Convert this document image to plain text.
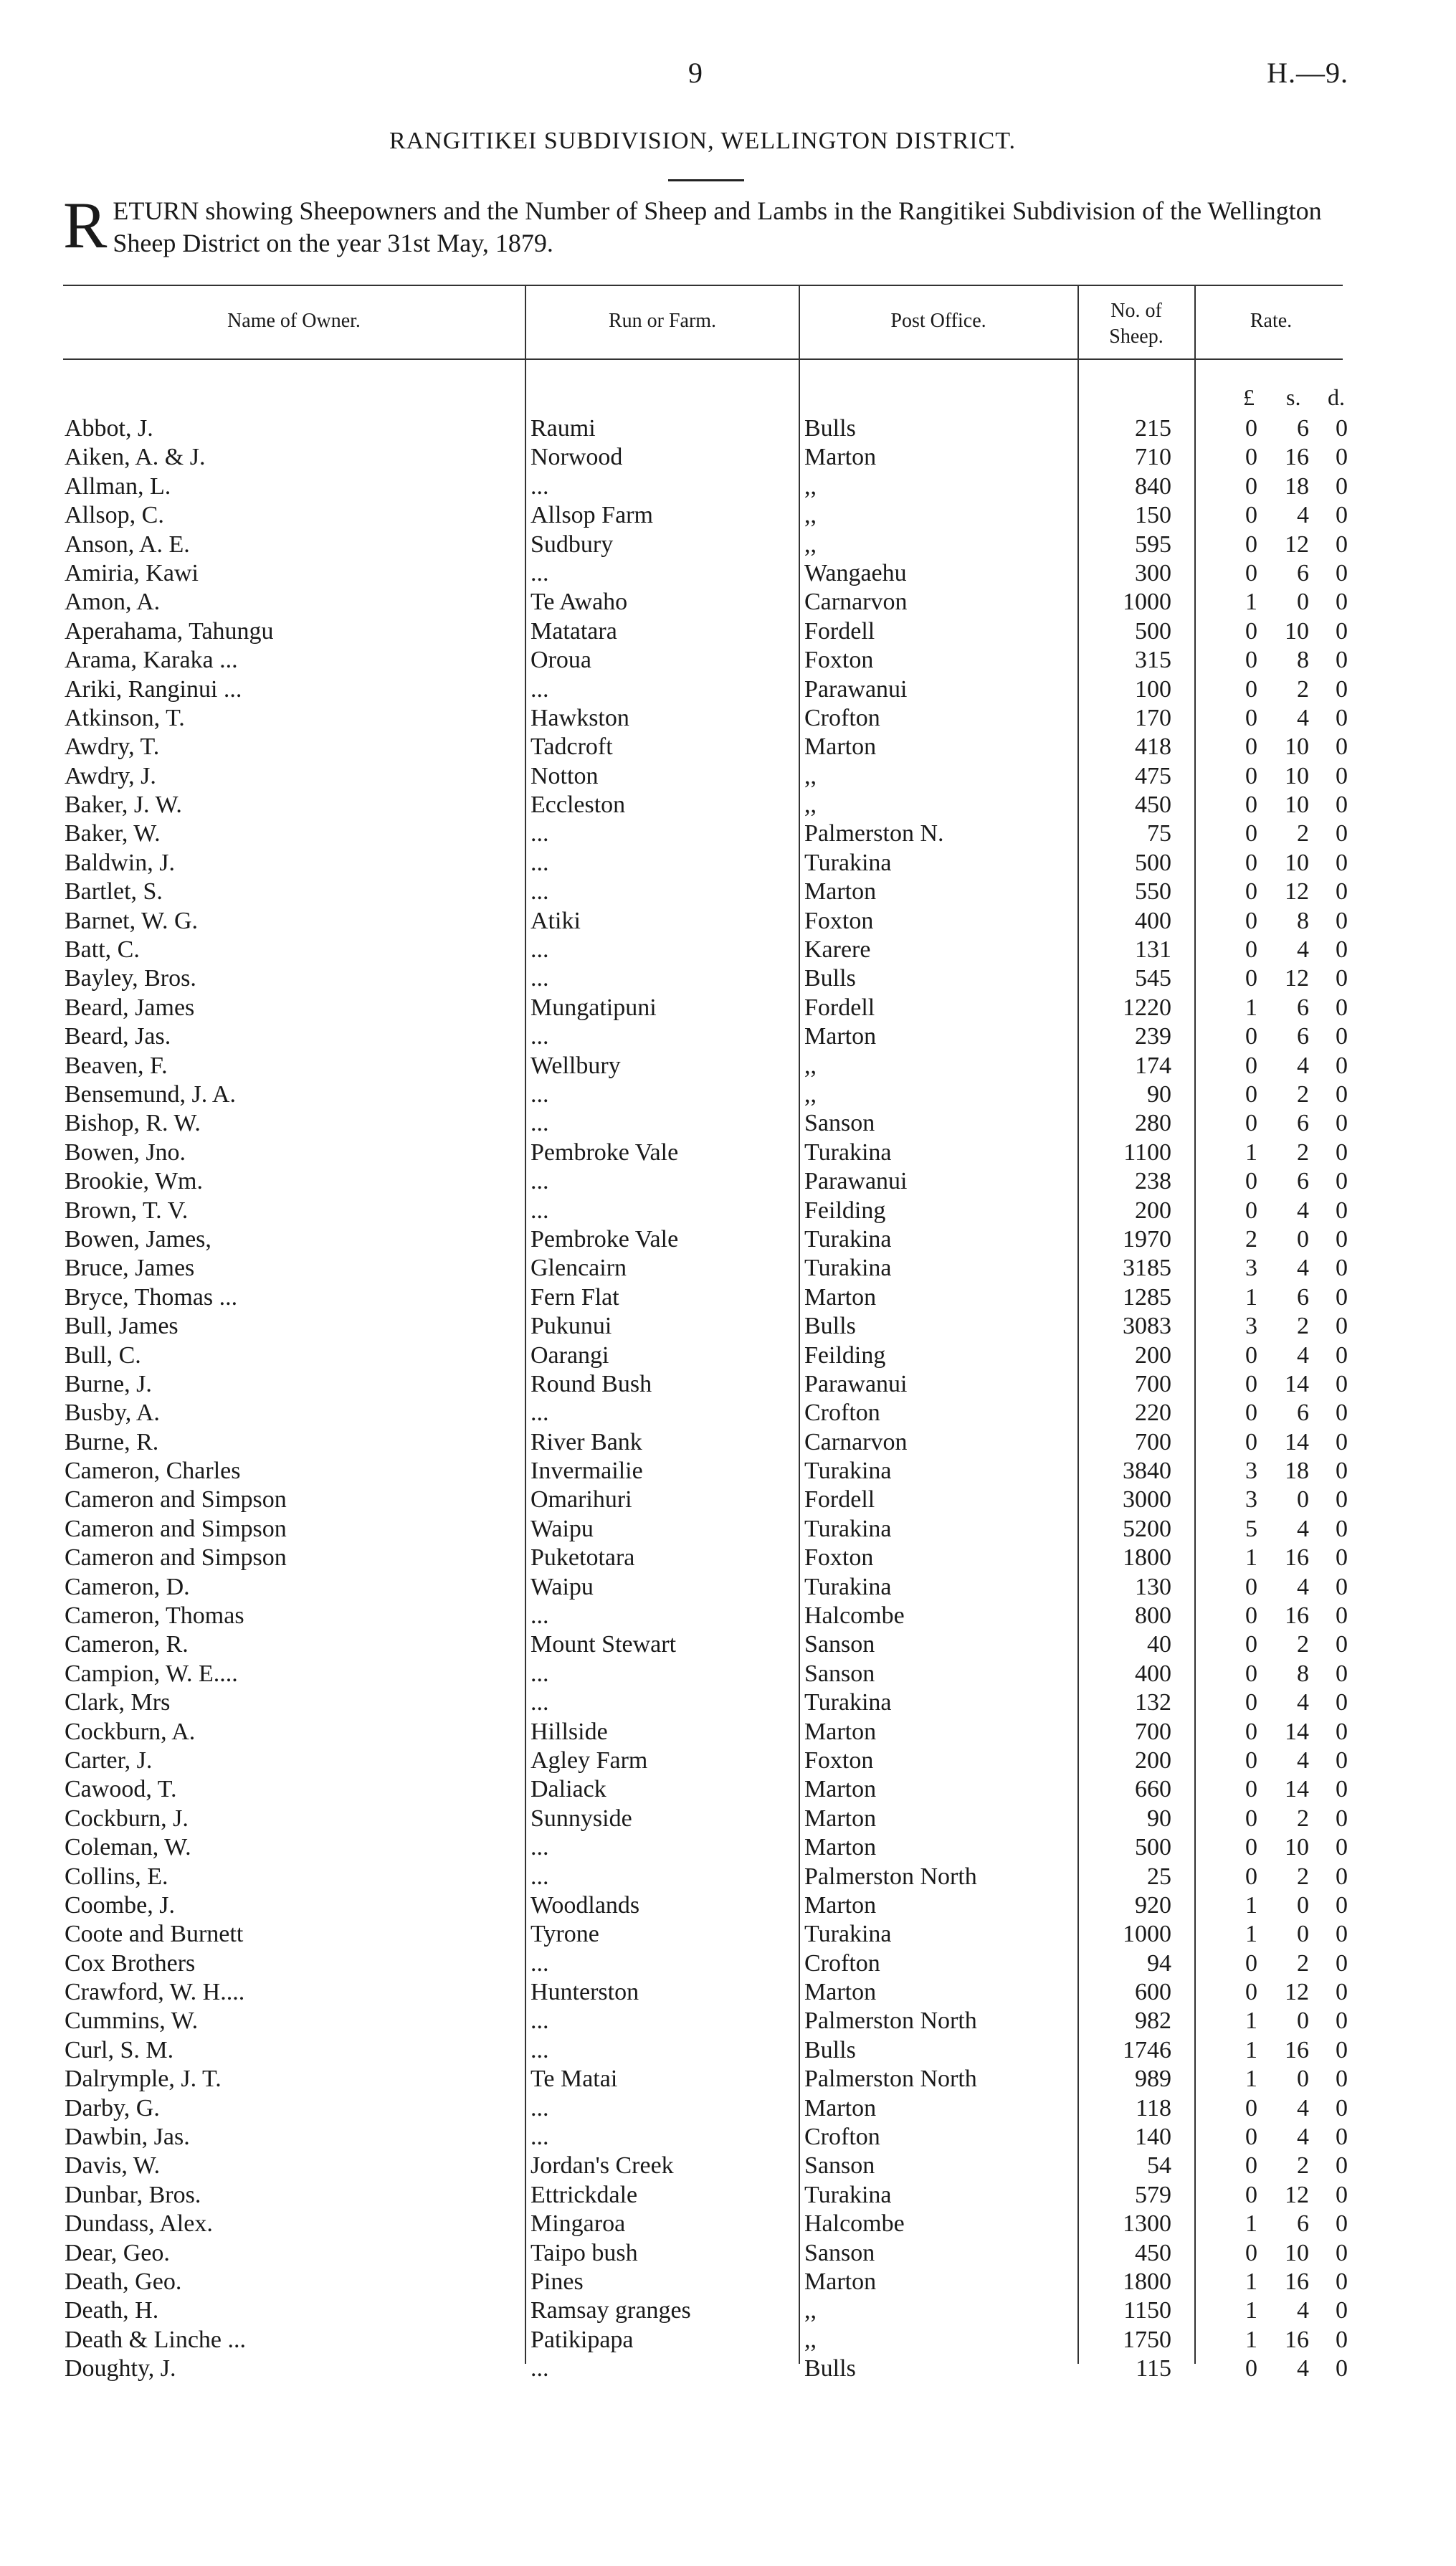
9	H.—9.
RANGITIKEI SUBDIVISION, WELLINGTON DISTRICT.
RETURN showing Sheepowners and the Number of Sheep and Lambs in the Rangitikei Subdivision of the Wellington Sheep District on the year 31st May, 1879.
Name of Owner.	Run or Farm.	Post Office.	No. of
Sheep.
Rate.
£ s. d.
Abbot, J.	Raumi	Bulls	215	0	6	0
Aiken, A. & J.	Norwood	Marton	710	0	16	0
Allman, L.	...	,,	840	0	18	0
Allsop, C.	Allsop Farm	,,	150	0	4	0
Anson, A. E.	Sudbury	,,	595	0	12	0
Amiria, Kawi	...	Wangaehu	300	0	6	0
Amon, A.	Te Awaho	Carnarvon	1000	1	0	0
Aperahama, Tahungu	Matatara	Fordell	500	0	10	0
Arama, Karaka ...	Oroua	Foxton	315	0	8	0
Ariki, Ranginui ...	...	Parawanui	100	0	2	0
Atkinson, T.	Hawkston	Crofton	170	0	4	0
Awdry, T.	Tadcroft	Marton	418	0	10	0
Awdry, J.	Notton	,,	475	0	10	0
Baker, J. W.	Eccleston	,,	450	0	10	0
Baker, W.	...	Palmerston N.	75	0	2	0
Baldwin, J.	...	Turakina	500	0	10	0
Bartlet, S.	...	Marton	550	0	12	0
Barnet, W. G.	Atiki	Foxton	400	0	8	0
Batt, C.	...	Karere	131	0	4	0
Bayley, Bros.	...	Bulls	545	0	12	0
Beard, James	Mungatipuni	Fordell	1220	1	6	0
Beard, Jas.	...	Marton	239	0	6	0
Beaven, F.	Wellbury	,,	174	0	4	0
Bensemund, J. A.	...	,,	90	0	2	0
Bishop, R. W.	...	Sanson	280	0	6	0
Bowen, Jno.	Pembroke Vale	Turakina	1100	1	2	0
Brookie, Wm.	...	Parawanui	238	0	6	0
Brown, T. V.	...	Feilding	200	0	4	0
Bowen, James,	Pembroke Vale	Turakina	1970	2	0	0
Bruce, James	Glencairn	Turakina	3185	3	4	0
Bryce, Thomas ...	Fern Flat	Marton	1285	1	6	0
Bull, James	Pukunui	Bulls	3083	3	2	0
Bull, C.	Oarangi	Feilding	200	0	4	0
Burne, J.	Round Bush	Parawanui	700	0	14	0
Busby, A.	...	Crofton	220	0	6	0
Burne, R.	River Bank	Carnarvon	700	0	14	0
Cameron, Charles	Invermailie	Turakina	3840	3	18	0
Cameron and Simpson	Omarihuri	Fordell	3000	3	0	0
Cameron and Simpson	Waipu	Turakina	5200	5	4	0
Cameron and Simpson	Puketotara	Foxton	1800	1	16	0
Cameron, D.	Waipu	Turakina	130	0	4	0
Cameron, Thomas	...	Halcombe	800	0	16	0
Cameron, R.	Mount Stewart	Sanson	40	0	2	0
Campion, W. E....	...	Sanson	400	0	8	0
Clark, Mrs	...	Turakina	132	0	4	0
Cockburn, A.	Hillside	Marton	700	0	14	0
Carter, J.	Agley Farm	Foxton	200	0	4	0
Cawood, T.	Daliack	Marton	660	0	14	0
Cockburn, J.	Sunnyside	Marton	90	0	2	0
Coleman, W.	...	Marton	500	0	10	0
Collins, E.	...	Palmerston North	25	0	2	0
Coombe, J.	Woodlands	Marton	920	1	0	0
Coote and Burnett	Tyrone	Turakina	1000	1	0	0
Cox Brothers	...	Crofton	94	0	2	0
Crawford, W. H....	Hunterston	Marton	600	0	12	0
Cummins, W.	...	Palmerston North	982	1	0	0
Curl, S. M.	...	Bulls	1746	1	16	0
Dalrymple, J. T.	Te Matai	Palmerston North	989	1	0	0
Darby, G.	...	Marton	118	0	4	0
Dawbin, Jas.	...	Crofton	140	0	4	0
Davis, W.	Jordan's Creek	Sanson	54	0	2	0
Dunbar, Bros.	Ettrickdale	Turakina	579	0	12	0
Dundass, Alex.	Mingaroa	Halcombe	1300	1	6	0
Dear, Geo.	Taipo bush	Sanson	450	0	10	0
Death, Geo.	Pines	Marton	1800	1	16	0
Death, H.	Ramsay granges	,,	1150	1	4	0
Death & Linche ...	Patikipapa	,,	1750	1	16	0
Doughty, J.	...	Bulls	115	0	4	0
